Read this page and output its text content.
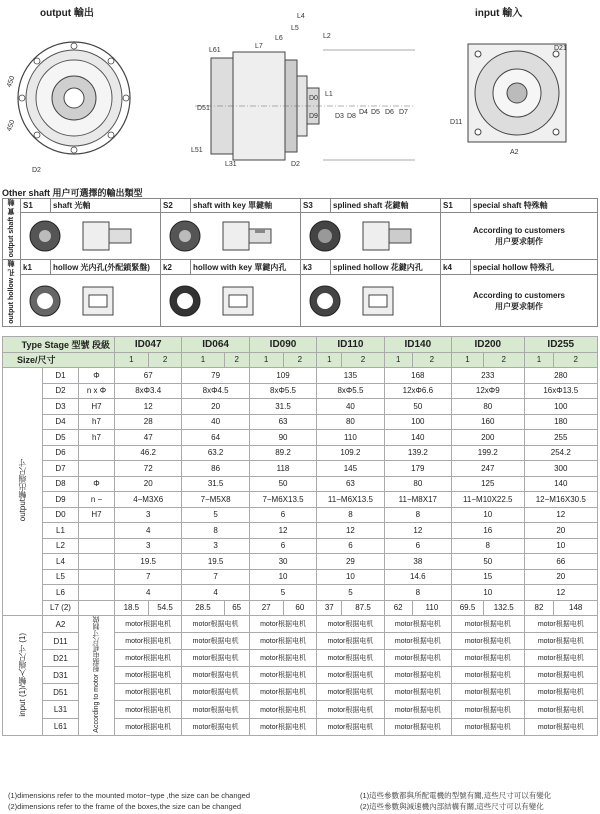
output 輸出	input 輸入
450
450
D2
L4
L5
L2
L61
L7
L6
L1
D0
D9 D3 D8
D4 D5 D6 D7
D51
L51
L31	D2
D21
D11
A2
Other shaft 用户可選擇的輸出類型
output shaft 實 軸	S1	shaft 光軸	S2	shaft with key 單鍵軸	S3	splined shaft 花鍵軸	S1	special shaft 特殊軸

According to customers
用户要求制作	

output hollow 孔 軸	k1	hollow 光内孔(外配鎖緊盤)	k2	hollow with key 單鍵内孔	k3	splined hollow 花鍵内孔	k4	special hollow 特殊孔

According to customers
用户要求制作	
Type Stage 型號 段級			ID047		ID064		ID090		ID110		ID140		ID200		ID255	
Size/尺寸			1	2	1	2	1	2	1	2	1	2	1	2	1	2
output輸出端尺寸	D1	Φ	67		79		109		135		168		233		280	
	D2	n x Φ	8xΦ3.4		8xΦ4.5		8xΦ5.5		8xΦ5.5		12xΦ6.6		12xΦ9		16xΦ13.5	
	D3	H7	12		20		31.5		40		50		80		100	
	D4	h7	28		40		63		80		100		160		180	
	D5	h7	47		64		90		110		140		200		255	
	D6		46.2		63.2		89.2		109.2		139.2		199.2		254.2	
	D7		72		86		118		145		179		247		300	
	D8	Φ	20		31.5		50		63		80		125		140	
	D9	n −	4−M3X6		7−M5X8		7−M6X13.5		11−M6X13.5		11−M8X17		11−M10X22.5		12−M16X30.5	
	D0	H7	3		5		6		8		8		10		12	
	L1		4		8		12		12		12		16		20	
	L2		3		3		6		6		6		8		10	
	L4		19.5		19.5		30		29		38		50		66	
	L5		7		7		10		10		14.6		15		20	
	L6		4		4		5		5		8		10		12	
	L7 (2)		18.5	54.5	28.5	65	27	60	37	87.5	62	110	69.5	132.5	82	148
input (1)/輸入端尺寸 (1)	A2	According to motor 根据电机尺寸制做	motor根据电机		motor根据电机		motor根据电机		motor根据电机		motor根据电机		motor根据电机		motor根据电机	
	D11		motor根据电机		motor根据电机		motor根据电机		motor根据电机		motor根据电机		motor根据电机		motor根据电机	
	D21		motor根据电机		motor根据电机		motor根据电机		motor根据电机		motor根据电机		motor根据电机		motor根据电机	
	D31		motor根据电机		motor根据电机		motor根据电机		motor根据电机		motor根据电机		motor根据电机		motor根据电机	
	D51		motor根据电机		motor根据电机		motor根据电机		motor根据电机		motor根据电机		motor根据电机		motor根据电机	
	L31		motor根据电机		motor根据电机		motor根据电机		motor根据电机		motor根据电机		motor根据电机		motor根据电机	
	L61		motor根据电机		motor根据电机		motor根据电机		motor根据电机		motor根据电机		motor根据电机		motor根据电机	
(1)dimensions refer to the mounted motor−type ,the size can be changed
(2)dimensions refer to the frame of the boxes,the size can be changed
(1)這些參數都與所配電機的型號有關,這些尺寸可以有變化
(2)這些參數與減速機內部結構有關,這些尺寸可以有變化
